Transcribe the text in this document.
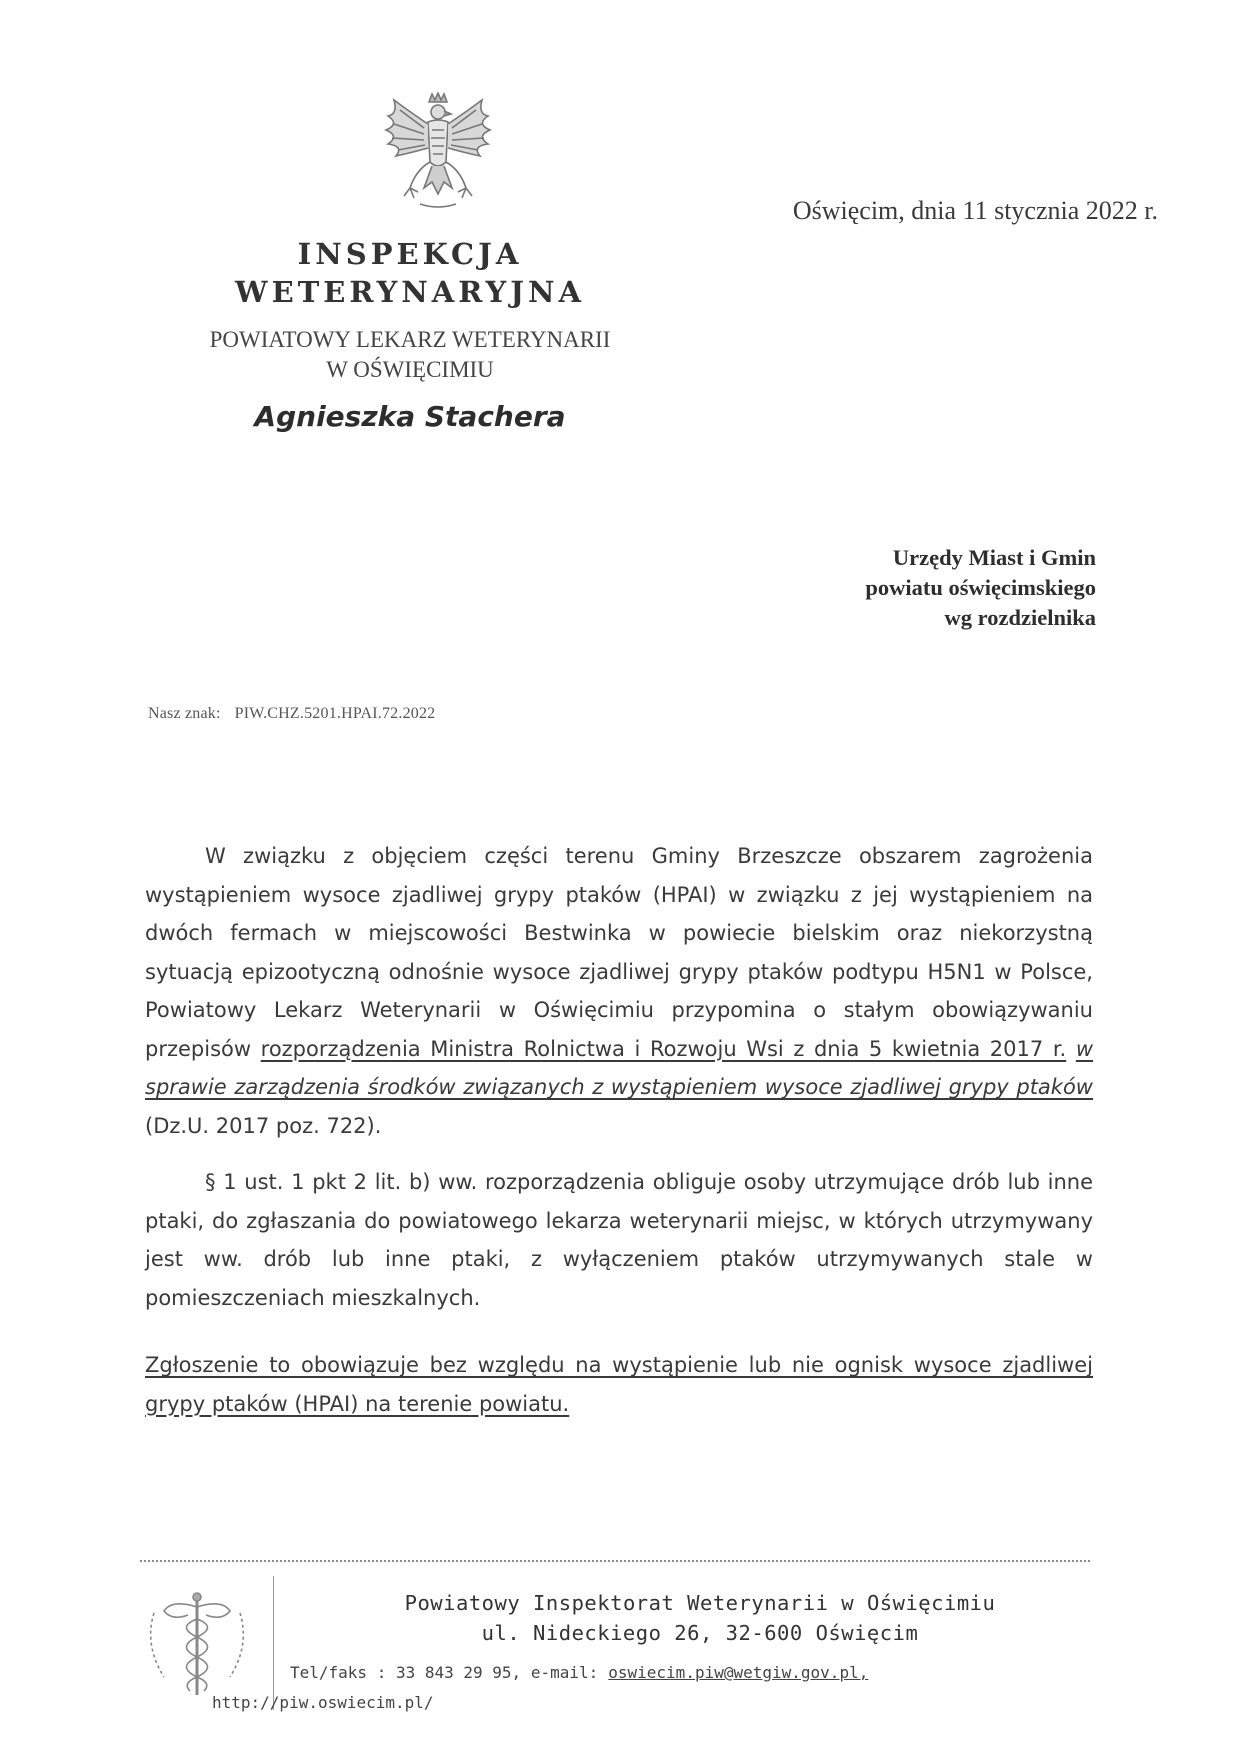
Oświęcim, dnia 11 stycznia 2022 r.
INSPEKCJA
WETERYNARYJNA
POWIATOWY LEKARZ WETERYNARII
W OŚWIĘCIMIU
Agnieszka Stachera
Urzędy Miast i Gmin
powiatu oświęcimskiego
wg rozdzielnika
Nasz znak: PIW.CHZ.5201.HPAI.72.2022

W związku z objęciem części terenu Gminy Brzeszcze obszarem zagrożenia wystąpieniem wysoce zjadliwej grypy ptaków (HPAI) w związku z jej wystąpieniem na dwóch fermach w miejscowości Bestwinka w powiecie bielskim oraz niekorzystną sytuacją epizootyczną odnośnie wysoce zjadliwej grypy ptaków podtypu H5N1 w Polsce, Powiatowy Lekarz Weterynarii w Oświęcimiu przypomina o stałym obowiązywaniu przepisów rozporządzenia Ministra Rolnictwa i Rozwoju Wsi z dnia 5 kwietnia 2017 r. w sprawie zarządzenia środków związanych z wystąpieniem wysoce zjadliwej grypy ptaków (Dz.U. 2017 poz. 722).

§ 1 ust. 1 pkt 2 lit. b) ww. rozporządzenia obliguje osoby utrzymujące drób lub inne ptaki, do zgłaszania do powiatowego lekarza weterynarii miejsc, w których utrzymywany jest ww. drób lub inne ptaki, z wyłączeniem ptaków utrzymywanych stale w pomieszczeniach mieszkalnych.

Zgłoszenie to obowiązuje bez względu na wystąpienie lub nie ognisk wysoce zjadliwej grypy ptaków (HPAI) na terenie powiatu.

Powiatowy Inspektorat Weterynarii w Oświęcimiu
ul. Nideckiego 26, 32-600 Oświęcim
Tel/faks : 33 843 29 95, e-mail: oswiecim.piw@wetgiw.gov.pl,
http://piw.oswiecim.pl/
